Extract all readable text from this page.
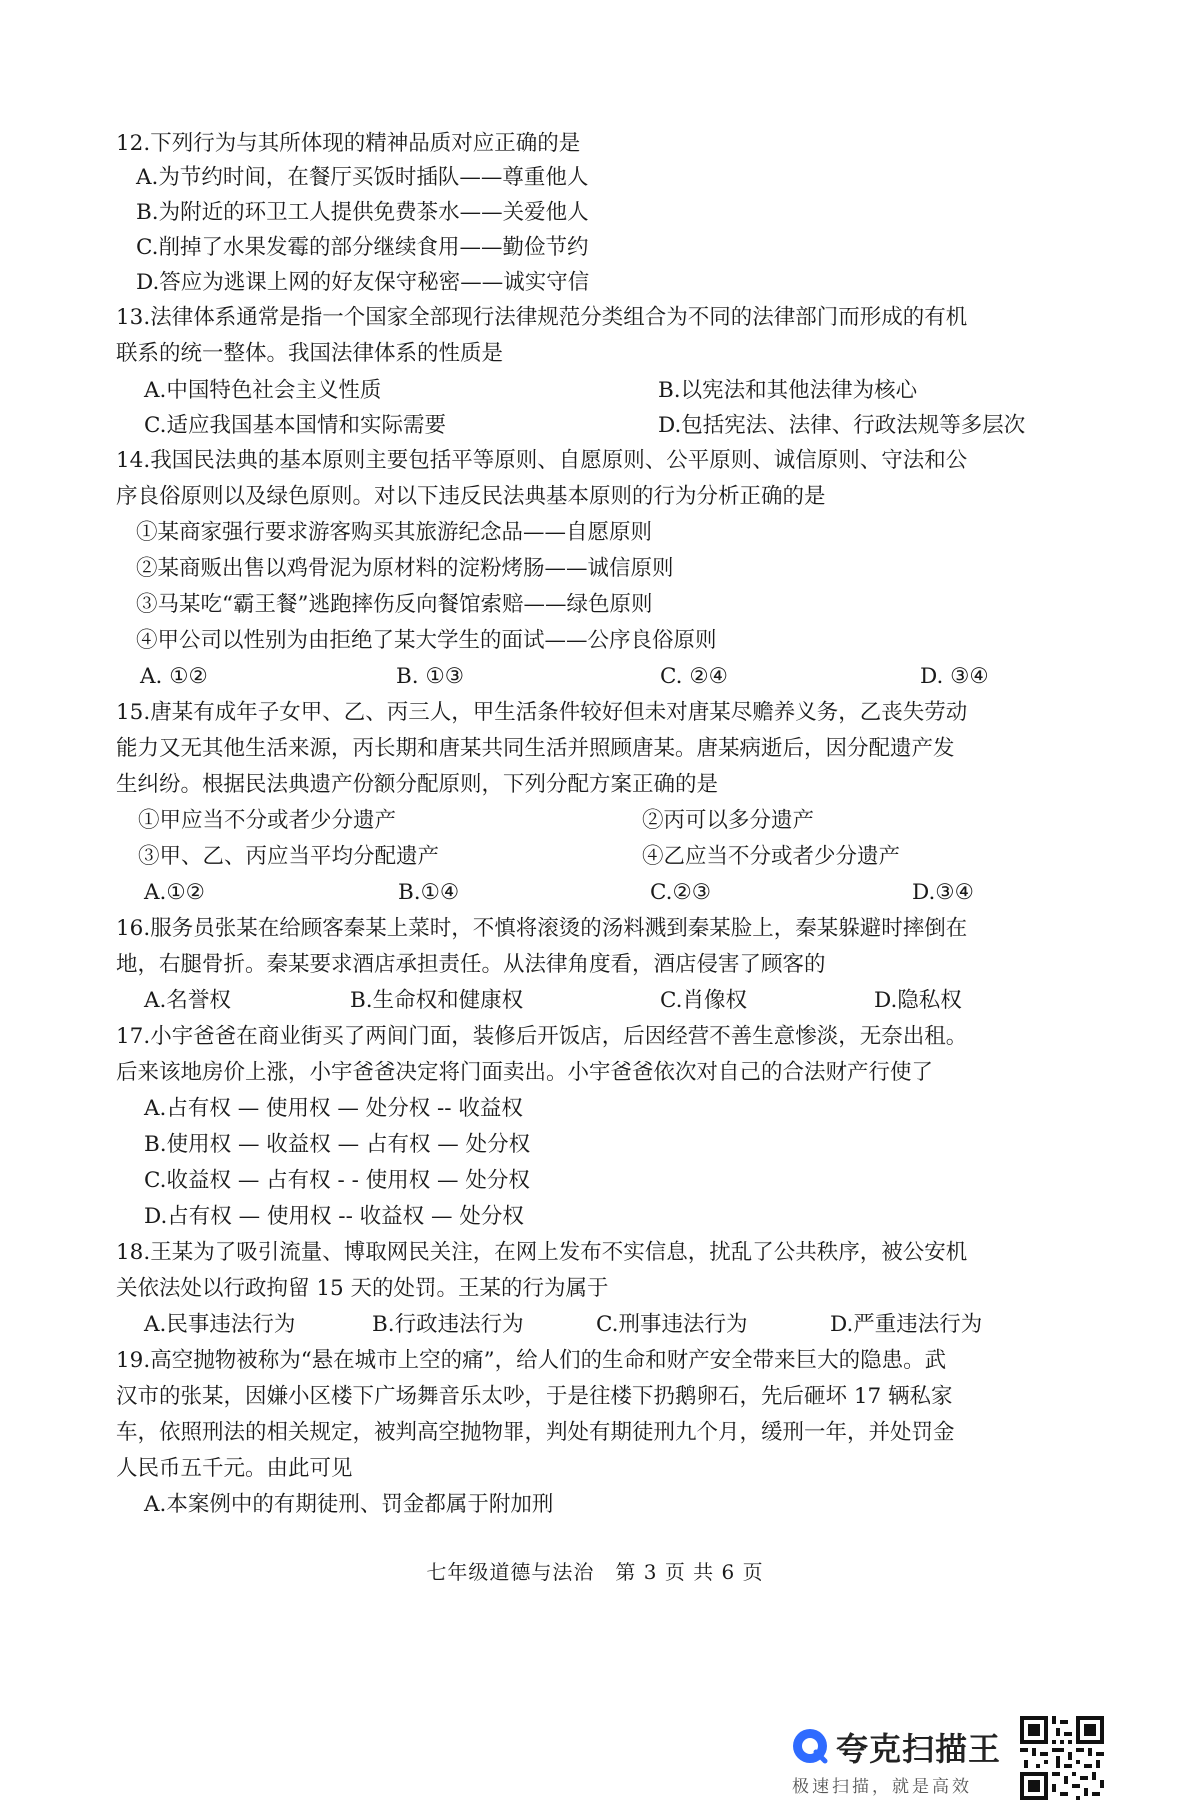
12.下列行为与其所体现的精神品质对应正确的是
A.为节约时间，在餐厅买饭时插队——尊重他人
B.为附近的环卫工人提供免费茶水——关爱他人
C.削掉了水果发霉的部分继续食用——勤俭节约
D.答应为逃课上网的好友保守秘密——诚实守信
13.法律体系通常是指一个国家全部现行法律规范分类组合为不同的法律部门而形成的有机
联系的统一整体。我国法律体系的性质是
A.中国特色社会主义性质	B.以宪法和其他法律为核心
C.适应我国基本国情和实际需要	D.包括宪法、法律、行政法规等多层次
14.我国民法典的基本原则主要包括平等原则、自愿原则、公平原则、诚信原则、守法和公
序良俗原则以及绿色原则。对以下违反民法典基本原则的行为分析正确的是
①某商家强行要求游客购买其旅游纪念品——自愿原则
②某商贩出售以鸡骨泥为原材料的淀粉烤肠——诚信原则
③马某吃“霸王餐”逃跑摔伤反向餐馆索赔——绿色原则
④甲公司以性别为由拒绝了某大学生的面试——公序良俗原则
A. ①②	B. ①③	C. ②④	D. ③④
15.唐某有成年子女甲、乙、丙三人，甲生活条件较好但未对唐某尽赡养义务，乙丧失劳动
能力又无其他生活来源，丙长期和唐某共同生活并照顾唐某。唐某病逝后，因分配遗产发
生纠纷。根据民法典遗产份额分配原则，下列分配方案正确的是
①甲应当不分或者少分遗产	②丙可以多分遗产
③甲、乙、丙应当平均分配遗产	④乙应当不分或者少分遗产
A.①②	B.①④	C.②③	D.③④
16.服务员张某在给顾客秦某上菜时，不慎将滚烫的汤料溅到秦某脸上，秦某躲避时摔倒在
地，右腿骨折。秦某要求酒店承担责任。从法律角度看，酒店侵害了顾客的
A.名誉权	B.生命权和健康权	C.肖像权	D.隐私权
17.小宇爸爸在商业街买了两间门面，装修后开饭店，后因经营不善生意惨淡，无奈出租。
后来该地房价上涨，小宇爸爸决定将门面卖出。小宇爸爸依次对自己的合法财产行使了
A.占有权 — 使用权 — 处分权 -- 收益权
B.使用权 — 收益权 — 占有权 — 处分权
C.收益权 — 占有权 - - 使用权 — 处分权
D.占有权 — 使用权 -- 收益权 — 处分权
18.王某为了吸引流量、博取网民关注，在网上发布不实信息，扰乱了公共秩序，被公安机
关依法处以行政拘留 15 天的处罚。王某的行为属于
A.民事违法行为	B.行政违法行为	C.刑事违法行为	D.严重违法行为
19.高空抛物被称为“悬在城市上空的痛”，给人们的生命和财产安全带来巨大的隐患。武
汉市的张某，因嫌小区楼下广场舞音乐太吵，于是往楼下扔鹅卵石，先后砸坏 17 辆私家
车，依照刑法的相关规定，被判高空抛物罪，判处有期徒刑九个月，缓刑一年，并处罚金
人民币五千元。由此可见
A.本案例中的有期徒刑、罚金都属于附加刑
七年级道德与法治　第 3 页 共 6 页
夸克扫描王
极速扫描，就是高效
